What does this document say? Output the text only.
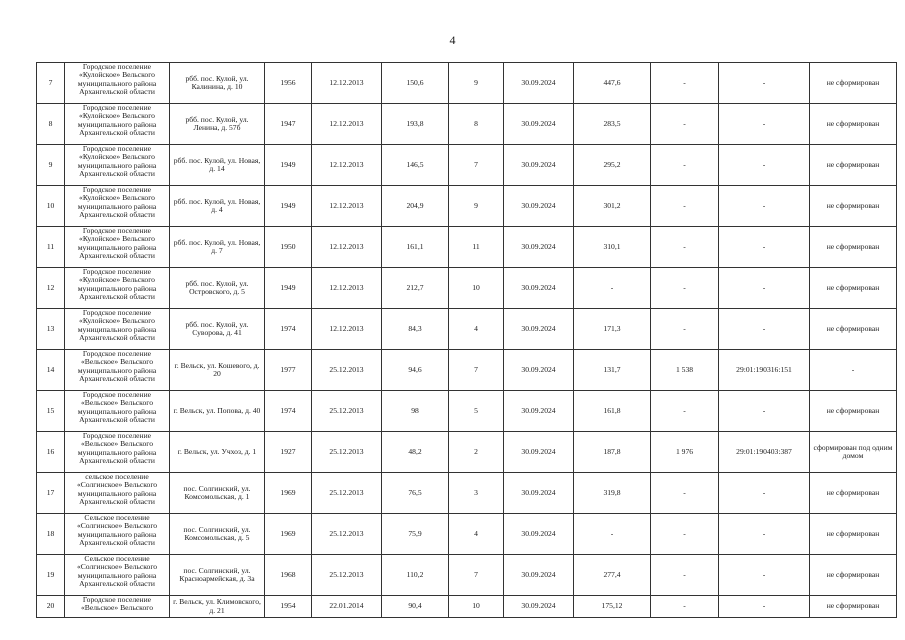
4
7	Городское поселение «Кулойское» Вельского муниципального района Архангельской области	рбб. пос. Кулой, ул. Калинина, д. 10	1956	12.12.2013	150,6	9	30.09.2024	447,6	-	-	не сформирован
8	Городское поселение «Кулойское» Вельского муниципального района Архангельской области	рбб. пос. Кулой, ул. Ленина, д. 57б	1947	12.12.2013	193,8	8	30.09.2024	283,5	-	-	не сформирован
9	Городское поселение «Кулойское» Вельского муниципального района Архангельской области	рбб. пос. Кулой, ул. Новая, д. 14	1949	12.12.2013	146,5	7	30.09.2024	295,2	-	-	не сформирован
10	Городское поселение «Кулойское» Вельского муниципального района Архангельской области	рбб. пос. Кулой, ул. Новая, д. 4	1949	12.12.2013	204,9	9	30.09.2024	301,2	-	-	не сформирован
11	Городское поселение «Кулойское» Вельского муниципального района Архангельской области	рбб. пос. Кулой, ул. Новая, д. 7	1950	12.12.2013	161,1	11	30.09.2024	310,1	-	-	не сформирован
12	Городское поселение «Кулойское» Вельского муниципального района Архангельской области	рбб. пос. Кулой, ул. Островского, д. 5	1949	12.12.2013	212,7	10	30.09.2024	-	-	-	не сформирован
13	Городское поселение «Кулойское» Вельского муниципального района Архангельской области	рбб. пос. Кулой, ул. Суворова, д. 41	1974	12.12.2013	84,3	4	30.09.2024	171,3	-	-	не сформирован
14	Городское поселение «Вельское» Вельского муниципального района Архангельской области	г. Вельск, ул. Кошевого, д. 20	1977	25.12.2013	94,6	7	30.09.2024	131,7	1 538	29:01:190316:151	-
15	Городское поселение «Вельское» Вельского муниципального района Архангельской области	г. Вельск, ул. Попова, д. 40	1974	25.12.2013	98	5	30.09.2024	161,8	-	-	не сформирован
16	Городское поселение «Вельское» Вельского муниципального района Архангельской области	г. Вельск, ул. Учхоз, д. 1	1927	25.12.2013	48,2	2	30.09.2024	187,8	1 976	29:01:190403:387	сформирован под одним домом
17	сельское поселение «Солгинское» Вельского муниципального района Архангельской области	пос. Солгинский, ул. Комсомольская, д. 1	1969	25.12.2013	76,5	3	30.09.2024	319,8	-	-	не сформирован
18	Сельское поселение «Солгинское» Вельского муниципального района Архангельской области	пос. Солгинский, ул. Комсомольская, д. 5	1969	25.12.2013	75,9	4	30.09.2024	-	-	-	не сформирован
19	Сельское поселение «Солгинское» Вельского муниципального района Архангельской области	пос. Солгинский, ул. Красноармейская, д. 3а	1968	25.12.2013	110,2	7	30.09.2024	277,4	-	-	не сформирован
20	Городское поселение «Вельское» Вельского	г. Вельск, ул. Климовского, д. 21	1954	22.01.2014	90,4	10	30.09.2024	175,12	-	-	не сформирован
